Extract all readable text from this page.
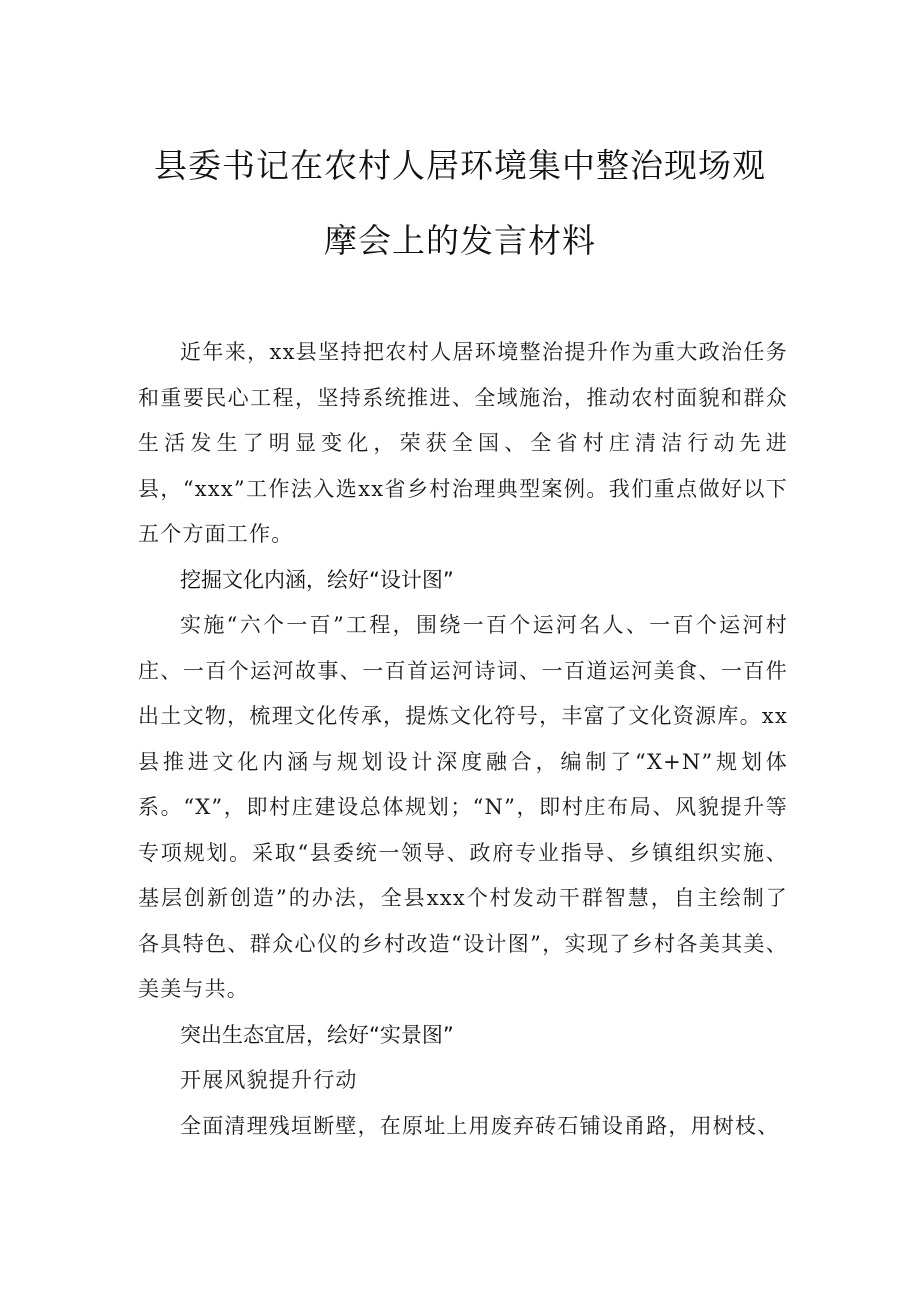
县委书记在农村人居环境集中整治现场观
摩会上的发言材料

近年来，xx县坚持把农村人居环境整治提升作为重大政治任务和重要民心工程，坚持系统推进、全域施治，推动农村面貌和群众生活发生了明显变化，荣获全国、全省村庄清洁行动先进县，“xxx”工作法入选xx省乡村治理典型案例。我们重点做好以下五个方面工作。

挖掘文化内涵，绘好“设计图”

实施“六个一百”工程，围绕一百个运河名人、一百个运河村庄、一百个运河故事、一百首运河诗词、一百道运河美食、一百件出土文物，梳理文化传承，提炼文化符号，丰富了文化资源库。xx县推进文化内涵与规划设计深度融合，编制了“X+N”规划体系。“X”，即村庄建设总体规划；“N”，即村庄布局、风貌提升等专项规划。采取“县委统一领导、政府专业指导、乡镇组织实施、基层创新创造”的办法，全县xxx个村发动干群智慧，自主绘制了各具特色、群众心仪的乡村改造“设计图”，实现了乡村各美其美、美美与共。

突出生态宜居，绘好“实景图”

开展风貌提升行动

全面清理残垣断壁，在原址上用废弃砖石铺设甬路，用树枝、
